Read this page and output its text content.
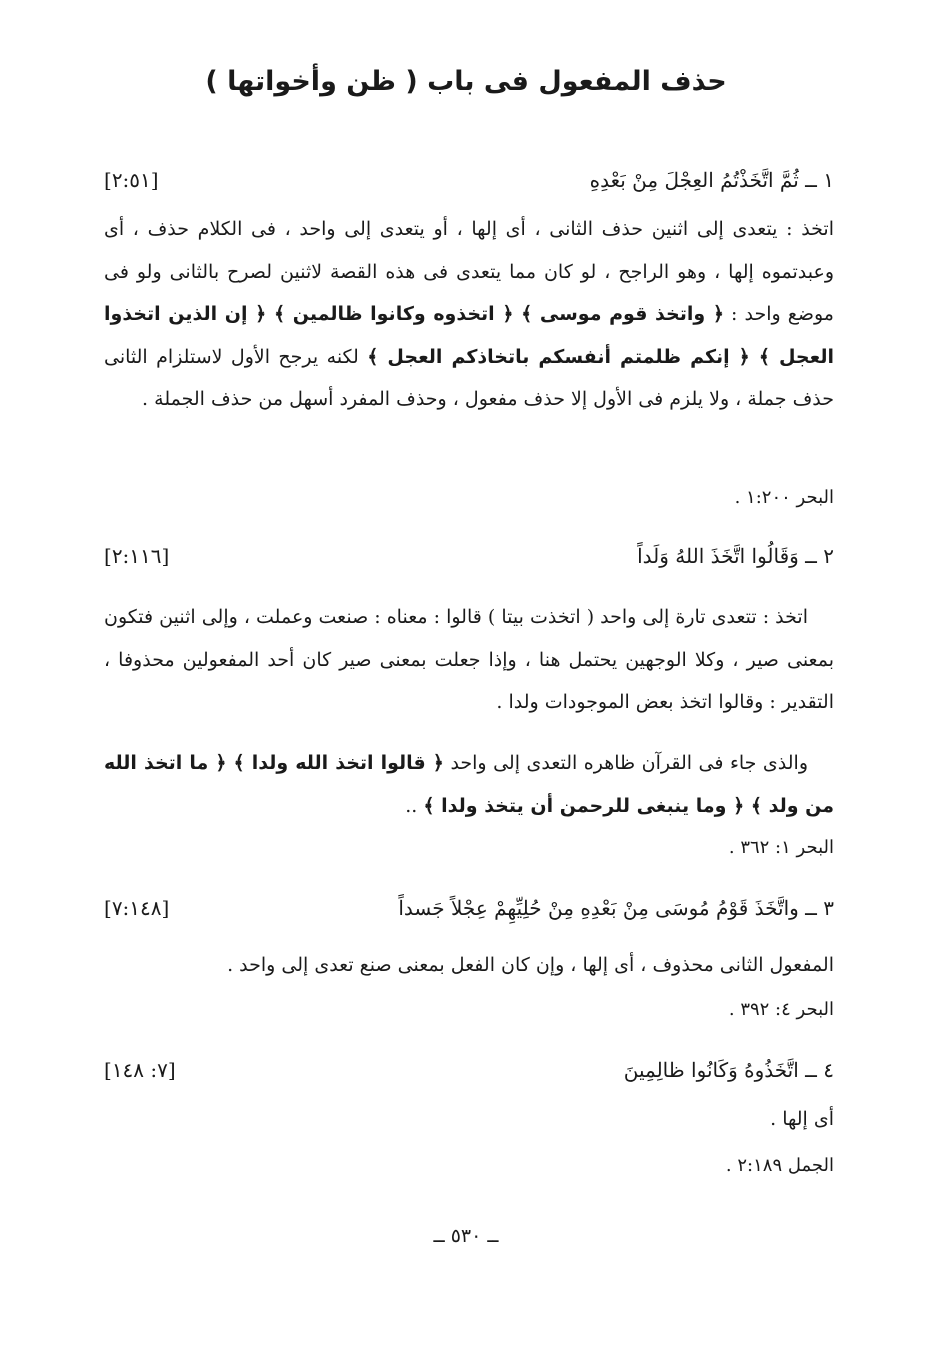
حذف المفعول فى باب ( ظن وأخواتها )
١ ــ ثُمَّ اتَّخَذْتُمُ العِجْلَ مِنْ بَعْدِهِ
[٢:٥١]
اتخذ : يتعدى إلى اثنين حذف الثانى ، أى إلها ، أو يتعدى إلى واحد ، فى الكلام حذف ، أى وعبدتموه إلها ، وهو الراجح ، لو كان مما يتعدى فى هذه القصة لاثنين لصرح بالثانى ولو فى موضع واحد : ﴿ واتخذ قوم موسى ﴾ ﴿ اتخذوه وكانوا ظالمين ﴾ ﴿ إن الذين اتخذوا العجل ﴾ ﴿ إنكم ظلمتم أنفسكم باتخاذكم العجل ﴾ لكنه يرجح الأول لاستلزام الثانى حذف جملة ، ولا يلزم فى الأول إلا حذف مفعول ، وحذف المفرد أسهل من حذف الجملة .
البحر ١:٢٠٠ .
٢ ــ وَقَالُوا اتَّخَذَ اللهُ وَلَداً
[٢:١١٦]
اتخذ : تتعدى تارة إلى واحد ( اتخذت بيتا ) قالوا : معناه : صنعت وعملت ، وإلى اثنين فتكون بمعنى صير ، وكلا الوجهين يحتمل هنا ، وإذا جعلت بمعنى صير كان أحد المفعولين محذوفا ، التقدير : وقالوا اتخذ بعض الموجودات ولدا .
والذى جاء فى القرآن ظاهره التعدى إلى واحد ﴿ قالوا اتخذ الله ولدا ﴾ ﴿ ما اتخذ الله من ولد ﴾ ﴿ وما ينبغى للرحمن أن يتخذ ولدا ﴾ ..
البحر ١: ٣٦٢ .
٣ ــ واتَّخَذَ قَوْمُ مُوسَى مِنْ بَعْدِهِ مِنْ حُلِيِّهِمْ عِجْلاً جَسداً
[٧:١٤٨]
المفعول الثانى محذوف ، أى إلها ، وإن كان الفعل بمعنى صنع تعدى إلى واحد .
البحر ٤: ٣٩٢ .
٤ ــ اتَّخَذُوهُ وَكَانُوا ظالِمِينَ
[٧: ١٤٨]
أى إلها .
الجمل ٢:١٨٩ .
ــ ٥٣٠ ــ
